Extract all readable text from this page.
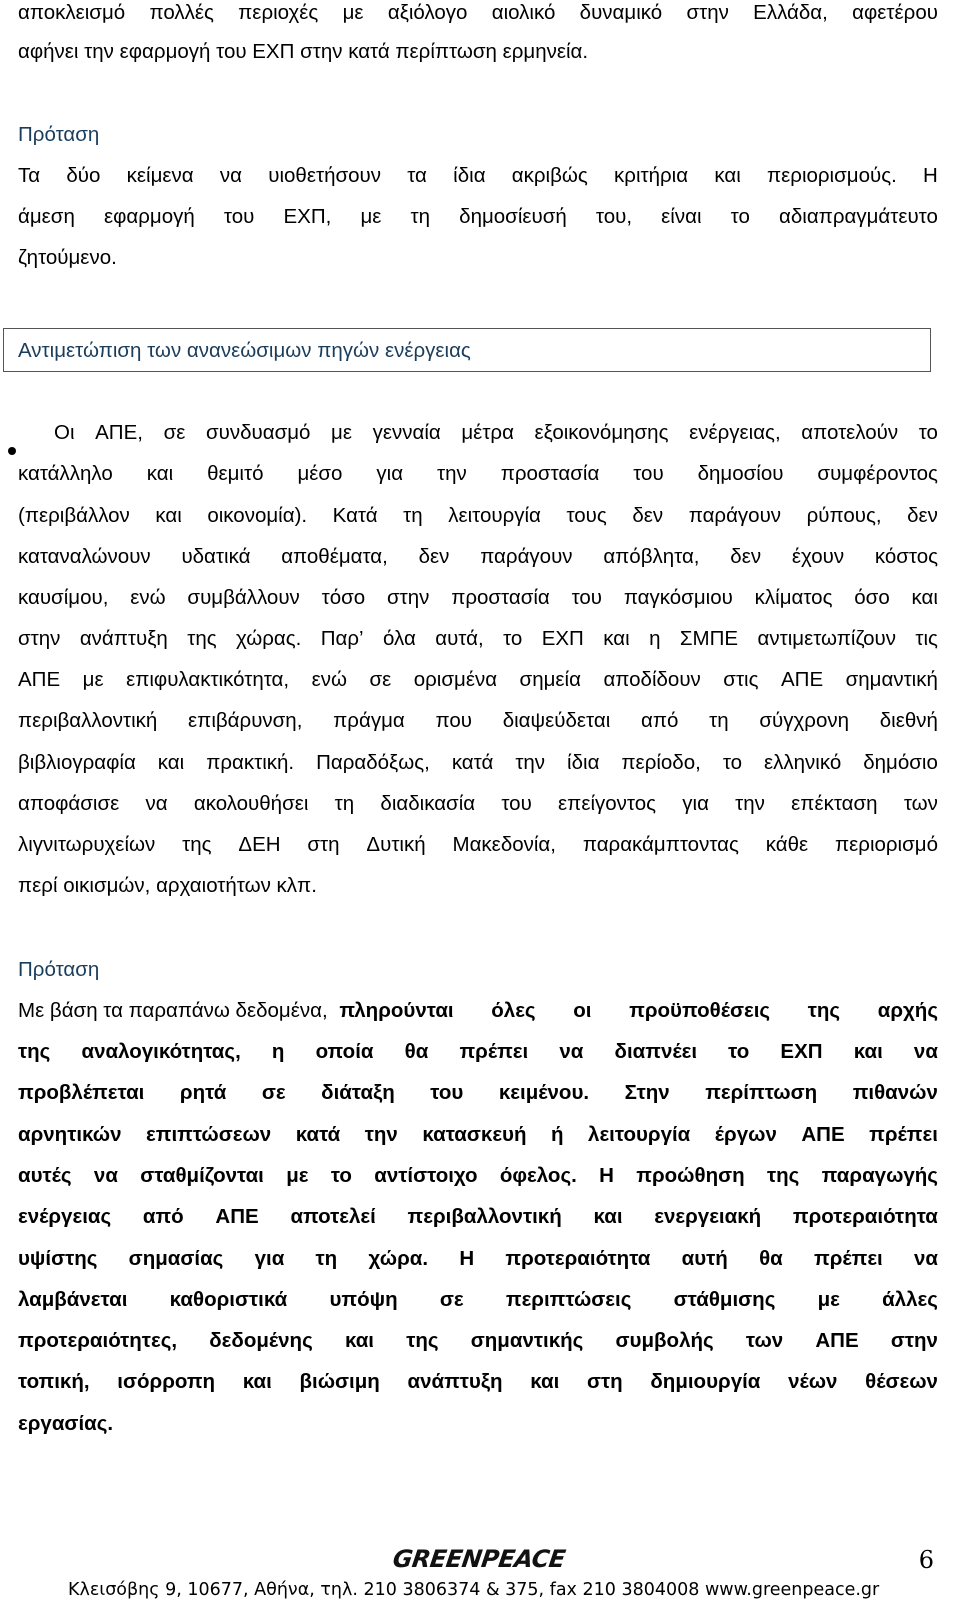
αποκλεισμό πολλές περιοχές με αξιόλογο αιολικό δυναμικό στην Ελλάδα, αφετέρου
αφήνει την εφαρμογή του ΕΧΠ στην κατά περίπτωση ερμηνεία.
Πρόταση
Τα δύο κείμενα να υιοθετήσουν τα ίδια ακριβώς κριτήρια και περιορισμούς. Η
άμεση εφαρμογή του ΕΧΠ, με τη δημοσίευσή του, είναι το αδιαπραγμάτευτο
ζητούμενο.
Αντιμετώπιση των ανανεώσιμων πηγών ενέργειας
Οι ΑΠΕ, σε συνδυασμό με γενναία μέτρα εξοικονόμησης ενέργειας, αποτελούν το
κατάλληλο και θεμιτό μέσο για την προστασία του δημοσίου συμφέροντος
(περιβάλλον και οικονομία). Κατά τη λειτουργία τους δεν παράγουν ρύπους, δεν
καταναλώνουν υδατικά αποθέματα, δεν παράγουν απόβλητα, δεν έχουν κόστος
καυσίμου, ενώ συμβάλλουν τόσο στην προστασία του παγκόσμιου κλίματος όσο και
στην ανάπτυξη της χώρας. Παρ’ όλα αυτά, το ΕΧΠ και η ΣΜΠΕ αντιμετωπίζουν τις
ΑΠΕ με επιφυλακτικότητα, ενώ σε ορισμένα σημεία αποδίδουν στις ΑΠΕ σημαντική
περιβαλλοντική επιβάρυνση, πράγμα που διαψεύδεται από τη σύγχρονη διεθνή
βιβλιογραφία και πρακτική. Παραδόξως, κατά την ίδια περίοδο, το ελληνικό δημόσιο
αποφάσισε να ακολουθήσει τη διαδικασία του επείγοντος για την επέκταση των
λιγνιτωρυχείων της ΔΕΗ στη Δυτική Μακεδονία, παρακάμπτοντας κάθε περιορισμό
περί οικισμών, αρχαιοτήτων κλπ.
Πρόταση
Με βάση τα παραπάνω δεδομένα, πληρούνται όλες οι προϋποθέσεις της αρχής
της αναλογικότητας, η οποία θα πρέπει να διαπνέει το ΕΧΠ και να
προβλέπεται ρητά σε διάταξη του κειμένου. Στην περίπτωση πιθανών
αρνητικών επιπτώσεων κατά την κατασκευή ή λειτουργία έργων ΑΠΕ πρέπει
αυτές να σταθμίζονται με το αντίστοιχο όφελος. Η προώθηση της παραγωγής
ενέργειας από ΑΠΕ αποτελεί περιβαλλοντική και ενεργειακή προτεραιότητα
υψίστης σημασίας για τη χώρα. Η προτεραιότητα αυτή θα πρέπει να
λαμβάνεται καθοριστικά υπόψη σε περιπτώσεις στάθμισης με άλλες
προτεραιότητες, δεδομένης και της σημαντικής συμβολής των ΑΠΕ στην
τοπική, ισόρροπη και βιώσιμη ανάπτυξη και στη δημιουργία νέων θέσεων
εργασίας.
GREENPEACE	6
Κλεισόβης 9, 10677, Αθήνα, τηλ. 210 3806374 & 375, fax 210 3804008 www.greenpeace.gr
